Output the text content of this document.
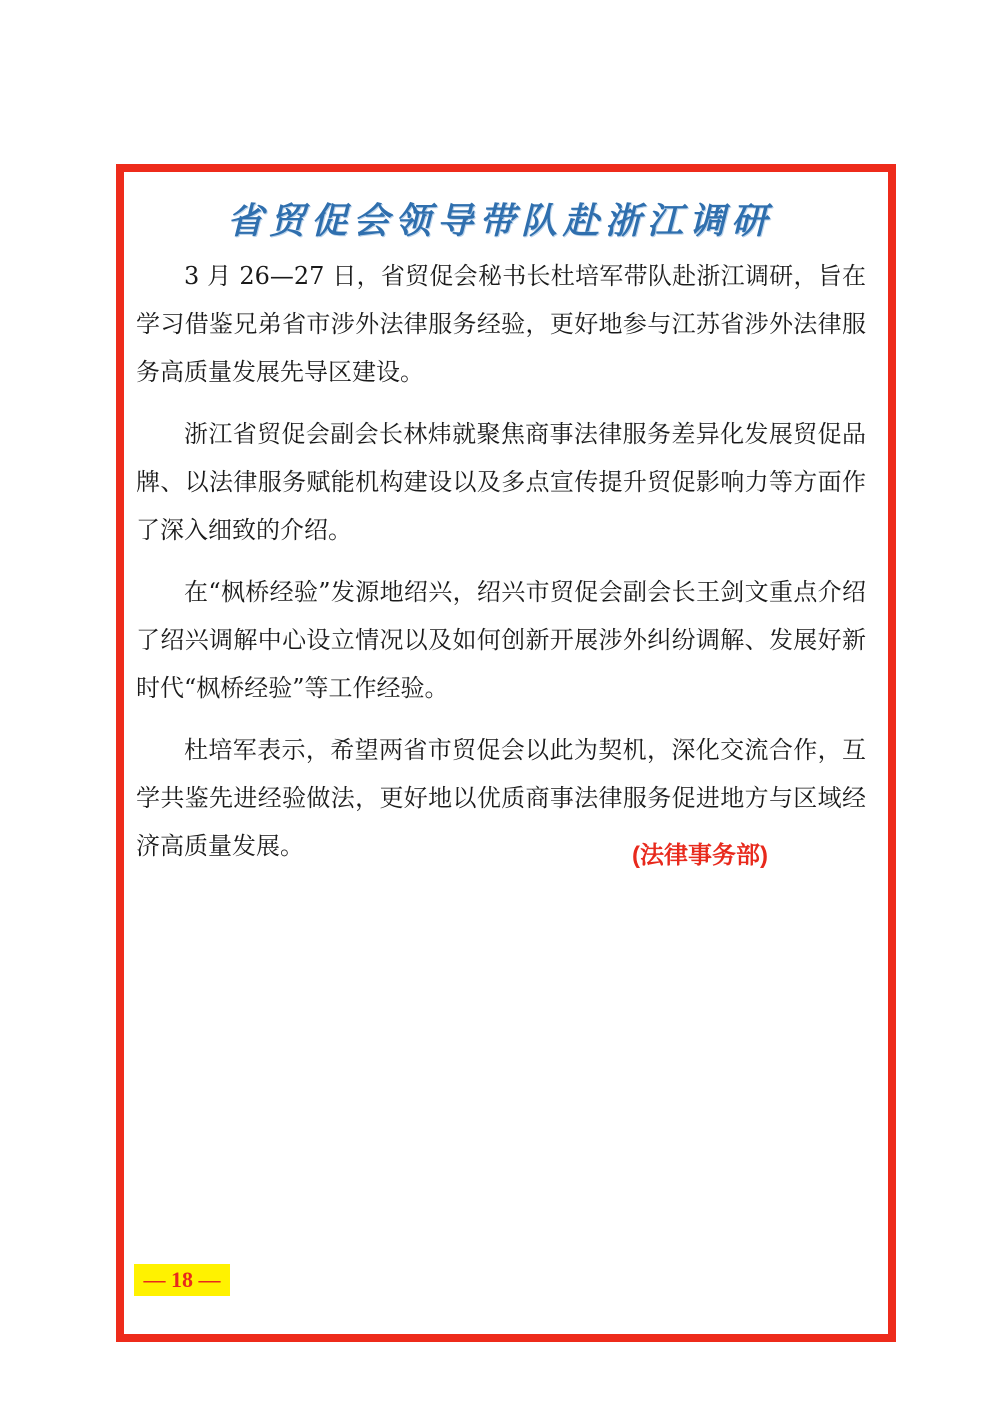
省贸促会领导带队赴浙江调研

3 月 26—27 日，省贸促会秘书长杜培军带队赴浙江调研，旨在学习借鉴兄弟省市涉外法律服务经验，更好地参与江苏省涉外法律服务高质量发展先导区建设。

浙江省贸促会副会长林炜就聚焦商事法律服务差异化发展贸促品牌、以法律服务赋能机构建设以及多点宣传提升贸促影响力等方面作了深入细致的介绍。

在“枫桥经验”发源地绍兴，绍兴市贸促会副会长王剑文重点介绍了绍兴调解中心设立情况以及如何创新开展涉外纠纷调解、发展好新时代“枫桥经验”等工作经验。

杜培军表示，希望两省市贸促会以此为契机，深化交流合作，互学共鉴先进经验做法，更好地以优质商事法律服务促进地方与区域经济高质量发展。	(法律事务部)
— 18 —
